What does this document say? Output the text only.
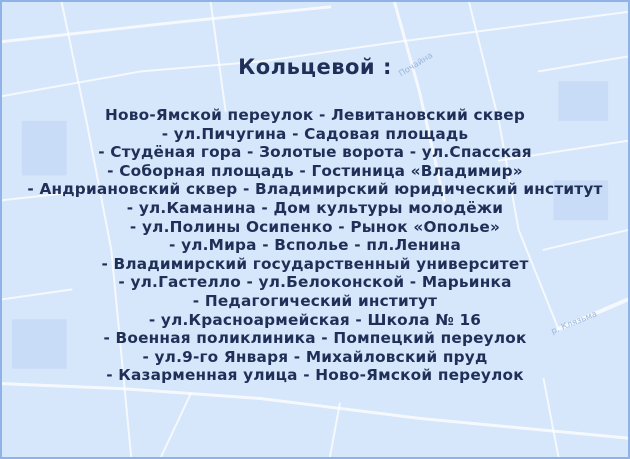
Почайна
р. Клязьма
Кольцевой :
Ново-Ямской переулок - Левитановский сквер
- ул.Пичугина - Садовая площадь
- Студёная гора - Золотые ворота - ул.Спасская
- Соборная площадь - Гостиница «Владимир»
- Андриановский сквер - Владимирский юридический институт
- ул.Каманина - Дом культуры молодёжи
- ул.Полины Осипенко - Рынок «Ополье»
- ул.Мира - Всполье - пл.Ленина
- Владимирский государственный университет
- ул.Гастелло - ул.Белоконской - Марьинка
- Педагогический институт
- ул.Красноармейская - Школа № 16
- Военная поликлиника - Помпецкий переулок
- ул.9-го Января - Михайловский пруд
- Казарменная улица - Ново-Ямской переулок
